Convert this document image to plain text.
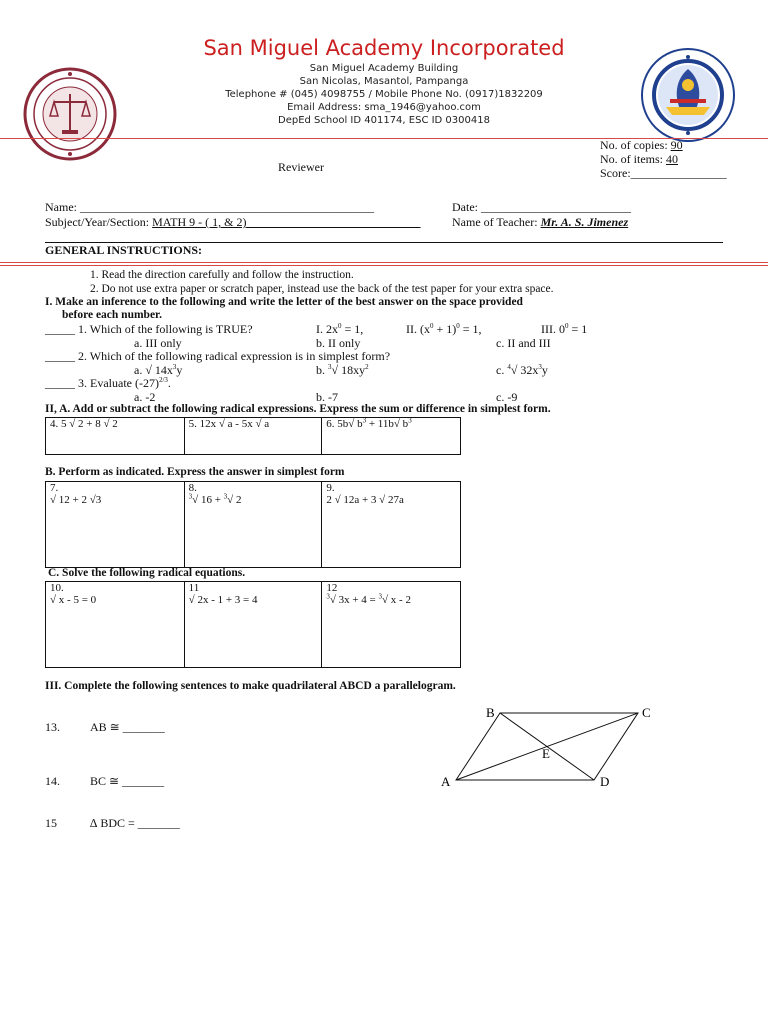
San Miguel Academy Incorporated
San Miguel Academy Building
San Nicolas, Masantol, Pampanga
Telephone # (045) 4098755 / Mobile Phone No. (0917)1832209
Email Address: sma_1946@yahoo.com
DepEd School ID 401174, ESC ID 0300418
No. of copies: 90
No. of items: 40
Score:________________
Reviewer
Name: _________________________________________________	Date: _________________________
Subject/Year/Section: MATH 9 - ( 1, & 2)_____________________________	Name of Teacher: Mr. A. S. Jimenez
GENERAL INSTRUCTIONS:
1. Read the direction carefully and follow the instruction.
2. Do not use extra paper or scratch paper, instead use the back of the test paper for your extra space.
I. Make an inference to the following and write the letter of the best answer on the space provided
before each number.
_____ 1. Which of the following is TRUE?	I. $2x^0 = 1$,	II. $(x^0 + 1)^0 = 1$,	III. $0^0 = 1$
a. III only	b. II only	c. II and III
_____ 2. Which of the following radical expression is in simplest form?
a. √ $14x^3y$	b. $^3$√ $18xy^2$	c. $^4$√ $32x^3y$
_____ 3. Evaluate $(-27)^{2/3}$.
a. -2	b. -7	c. -9
II, A. Add or subtract the following radical expressions. Express the sum or difference in simplest form.
4. 5 √ 2 + 8 √ 2	5. 12x √ a - 5x √ a	6. 5b√ $b^3 + 11b√$ $b^3$
B. Perform as indicated. Express the answer in simplest form
7.
√ 12 + 2 √3	
8.
$^3$√ 16 + $^3$√ 2	
9.
2 √ 12a + 3 √ 27a
C. Solve the following radical equations.
10.
√ x - 5 = 0	
11
√ 2x - 1 + 3 = 4	
12
$^3$√ 3x + 4 = $^3$√ x - 2
III. Complete the following sentences to make quadrilateral ABCD a parallelogram.
13.	AB ≅ _______
14.	BC ≅ _______
15	∆ BDC = _______
B	C
A	D
E
